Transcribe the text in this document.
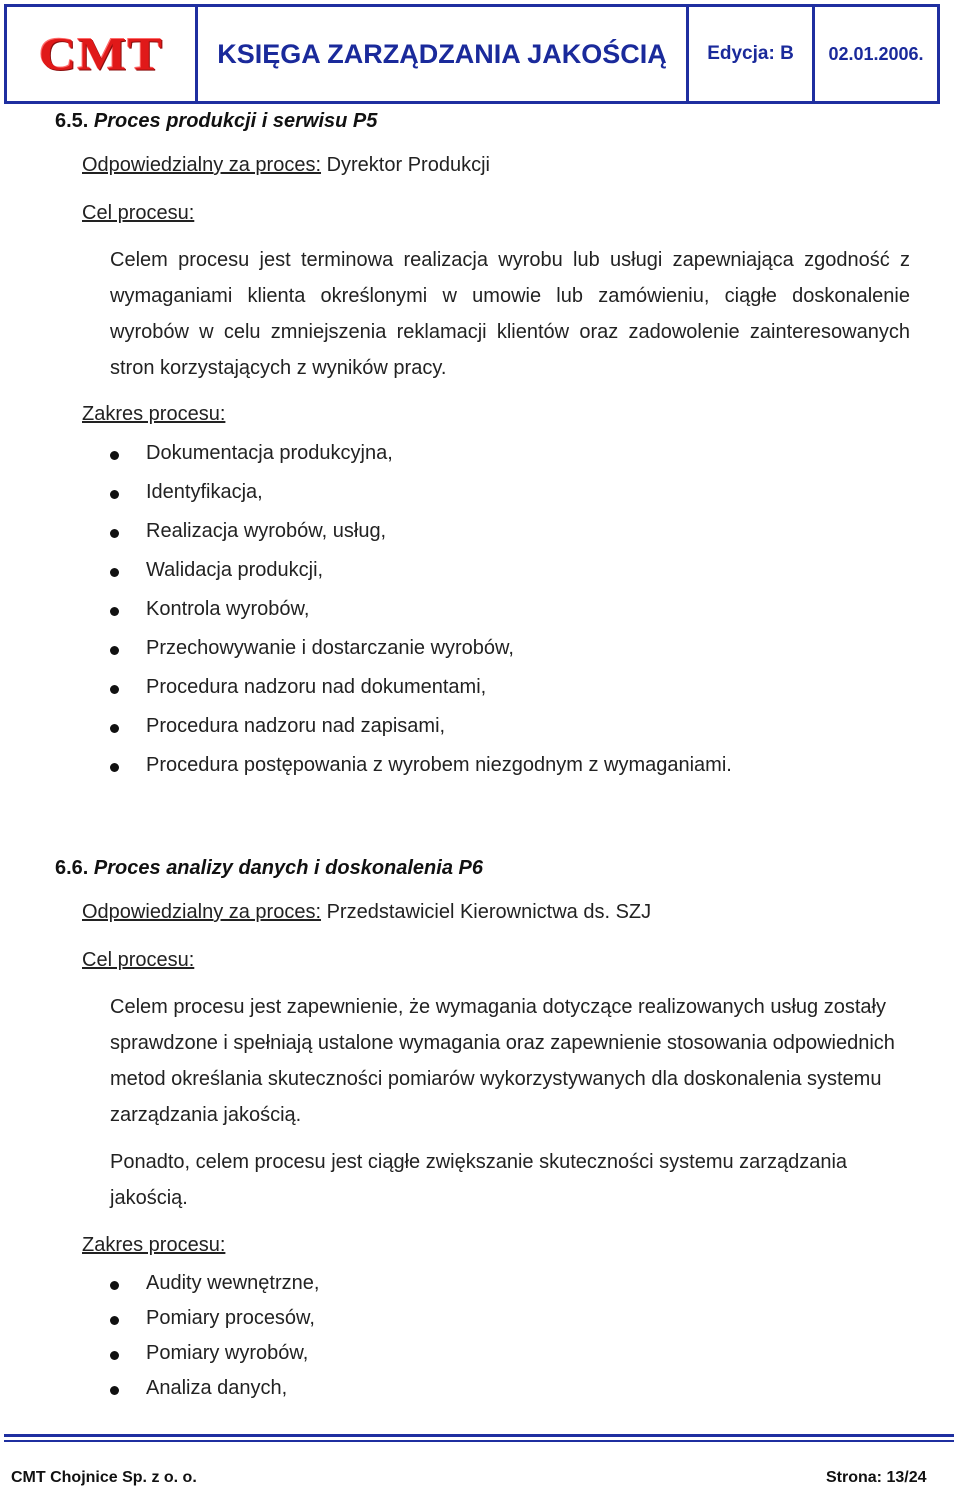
CMT KSIĘGA ZARZĄDZANIA JAKOŚCIĄ Edycja: B 02.01.2006.
6.5. Proces produkcji i serwisu P5
Odpowiedzialny za proces: Dyrektor Produkcji
Cel procesu:
Celem procesu jest terminowa realizacja wyrobu lub usługi zapewniająca zgodność z wymaganiami klienta określonymi w umowie lub zamówieniu, ciągłe doskonalenie wyrobów w celu zmniejszenia reklamacji klientów oraz zadowolenie zainteresowanych stron korzystających z wyników pracy.
Zakres procesu:
Dokumentacja produkcyjna,
Identyfikacja,
Realizacja wyrobów, usług,
Walidacja produkcji,
Kontrola wyrobów,
Przechowywanie i dostarczanie wyrobów,
Procedura nadzoru nad dokumentami,
Procedura nadzoru nad zapisami,
Procedura postępowania z wyrobem niezgodnym z wymaganiami.
6.6. Proces analizy danych i doskonalenia P6
Odpowiedzialny za proces: Przedstawiciel Kierownictwa ds. SZJ
Cel procesu:
Celem procesu jest zapewnienie, że wymagania dotyczące realizowanych usług zostały sprawdzone i spełniają ustalone wymagania oraz zapewnienie stosowania odpowiednich metod określania skuteczności pomiarów wykorzystywanych dla doskonalenia systemu zarządzania jakością.
Ponadto, celem procesu jest ciągłe zwiększanie skuteczności systemu zarządzania jakością.
Zakres procesu:
Audity wewnętrzne,
Pomiary procesów,
Pomiary wyrobów,
Analiza danych,
CMT Chojnice Sp. z o. o.	Strona: 13/24
